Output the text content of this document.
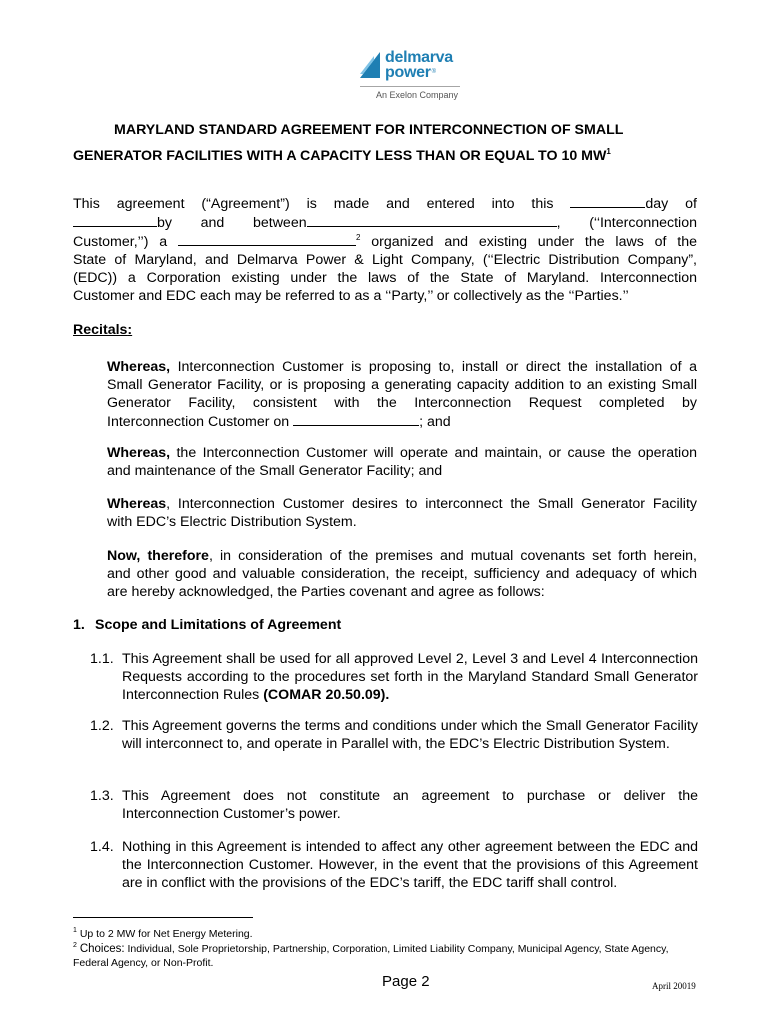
delmarva
power®
An Exelon Company
MARYLAND STANDARD AGREEMENT FOR INTERCONNECTION OF SMALL
GENERATOR FACILITIES WITH A CAPACITY LESS THAN OR EQUAL TO 10 $MW^1$
This agreement (“Agreement”) is made and entered into this	day of
by and between	, (‘‘Interconnection
Customer,’’) a	$^2$ organized and existing under the laws of the
State of Maryland, and Delmarva Power & Light Company, (‘‘Electric Distribution Company”,
(EDC)) a Corporation existing under the laws of the State of Maryland. Interconnection
Customer and EDC each may be referred to as a ‘‘Party,’’ or collectively as the ‘‘Parties.’’
Recitals:
Whereas, Interconnection Customer is proposing to, install or direct the installation of a
Small Generator Facility, or is proposing a generating capacity addition to an existing Small
Generator Facility, consistent with the Interconnection Request completed by
Interconnection Customer on	; and
Whereas, the Interconnection Customer will operate and maintain, or cause the operation
and maintenance of the Small Generator Facility; and
Whereas, Interconnection Customer desires to interconnect the Small Generator Facility
with EDC’s Electric Distribution System.
Now, therefore, in consideration of the premises and mutual covenants set forth herein,
and other good and valuable consideration, the receipt, sufficiency and adequacy of which
are hereby acknowledged, the Parties covenant and agree as follows:
1. Scope and Limitations of Agreement
1.1. This Agreement shall be used for all approved Level 2, Level 3 and Level 4 Interconnection Requests according to the procedures set forth in the Maryland Standard Small Generator Interconnection Rules (COMAR 20.50.09).
1.2. This Agreement governs the terms and conditions under which the Small Generator Facility will interconnect to, and operate in Parallel with, the EDC’s Electric Distribution System.
1.3. This Agreement does not constitute an agreement to purchase or deliver the Interconnection Customer’s power.
1.4. Nothing in this Agreement is intended to affect any other agreement between the EDC and the Interconnection Customer. However, in the event that the provisions of this Agreement are in conflict with the provisions of the EDC’s tariff, the EDC tariff shall control.
$^1$ Up to 2 MW for Net Energy Metering.
$^2$ Choices: Individual, Sole Proprietorship, Partnership, Corporation, Limited Liability Company, Municipal Agency, State Agency, Federal Agency, or Non-Profit.
Page 2	April 20019
